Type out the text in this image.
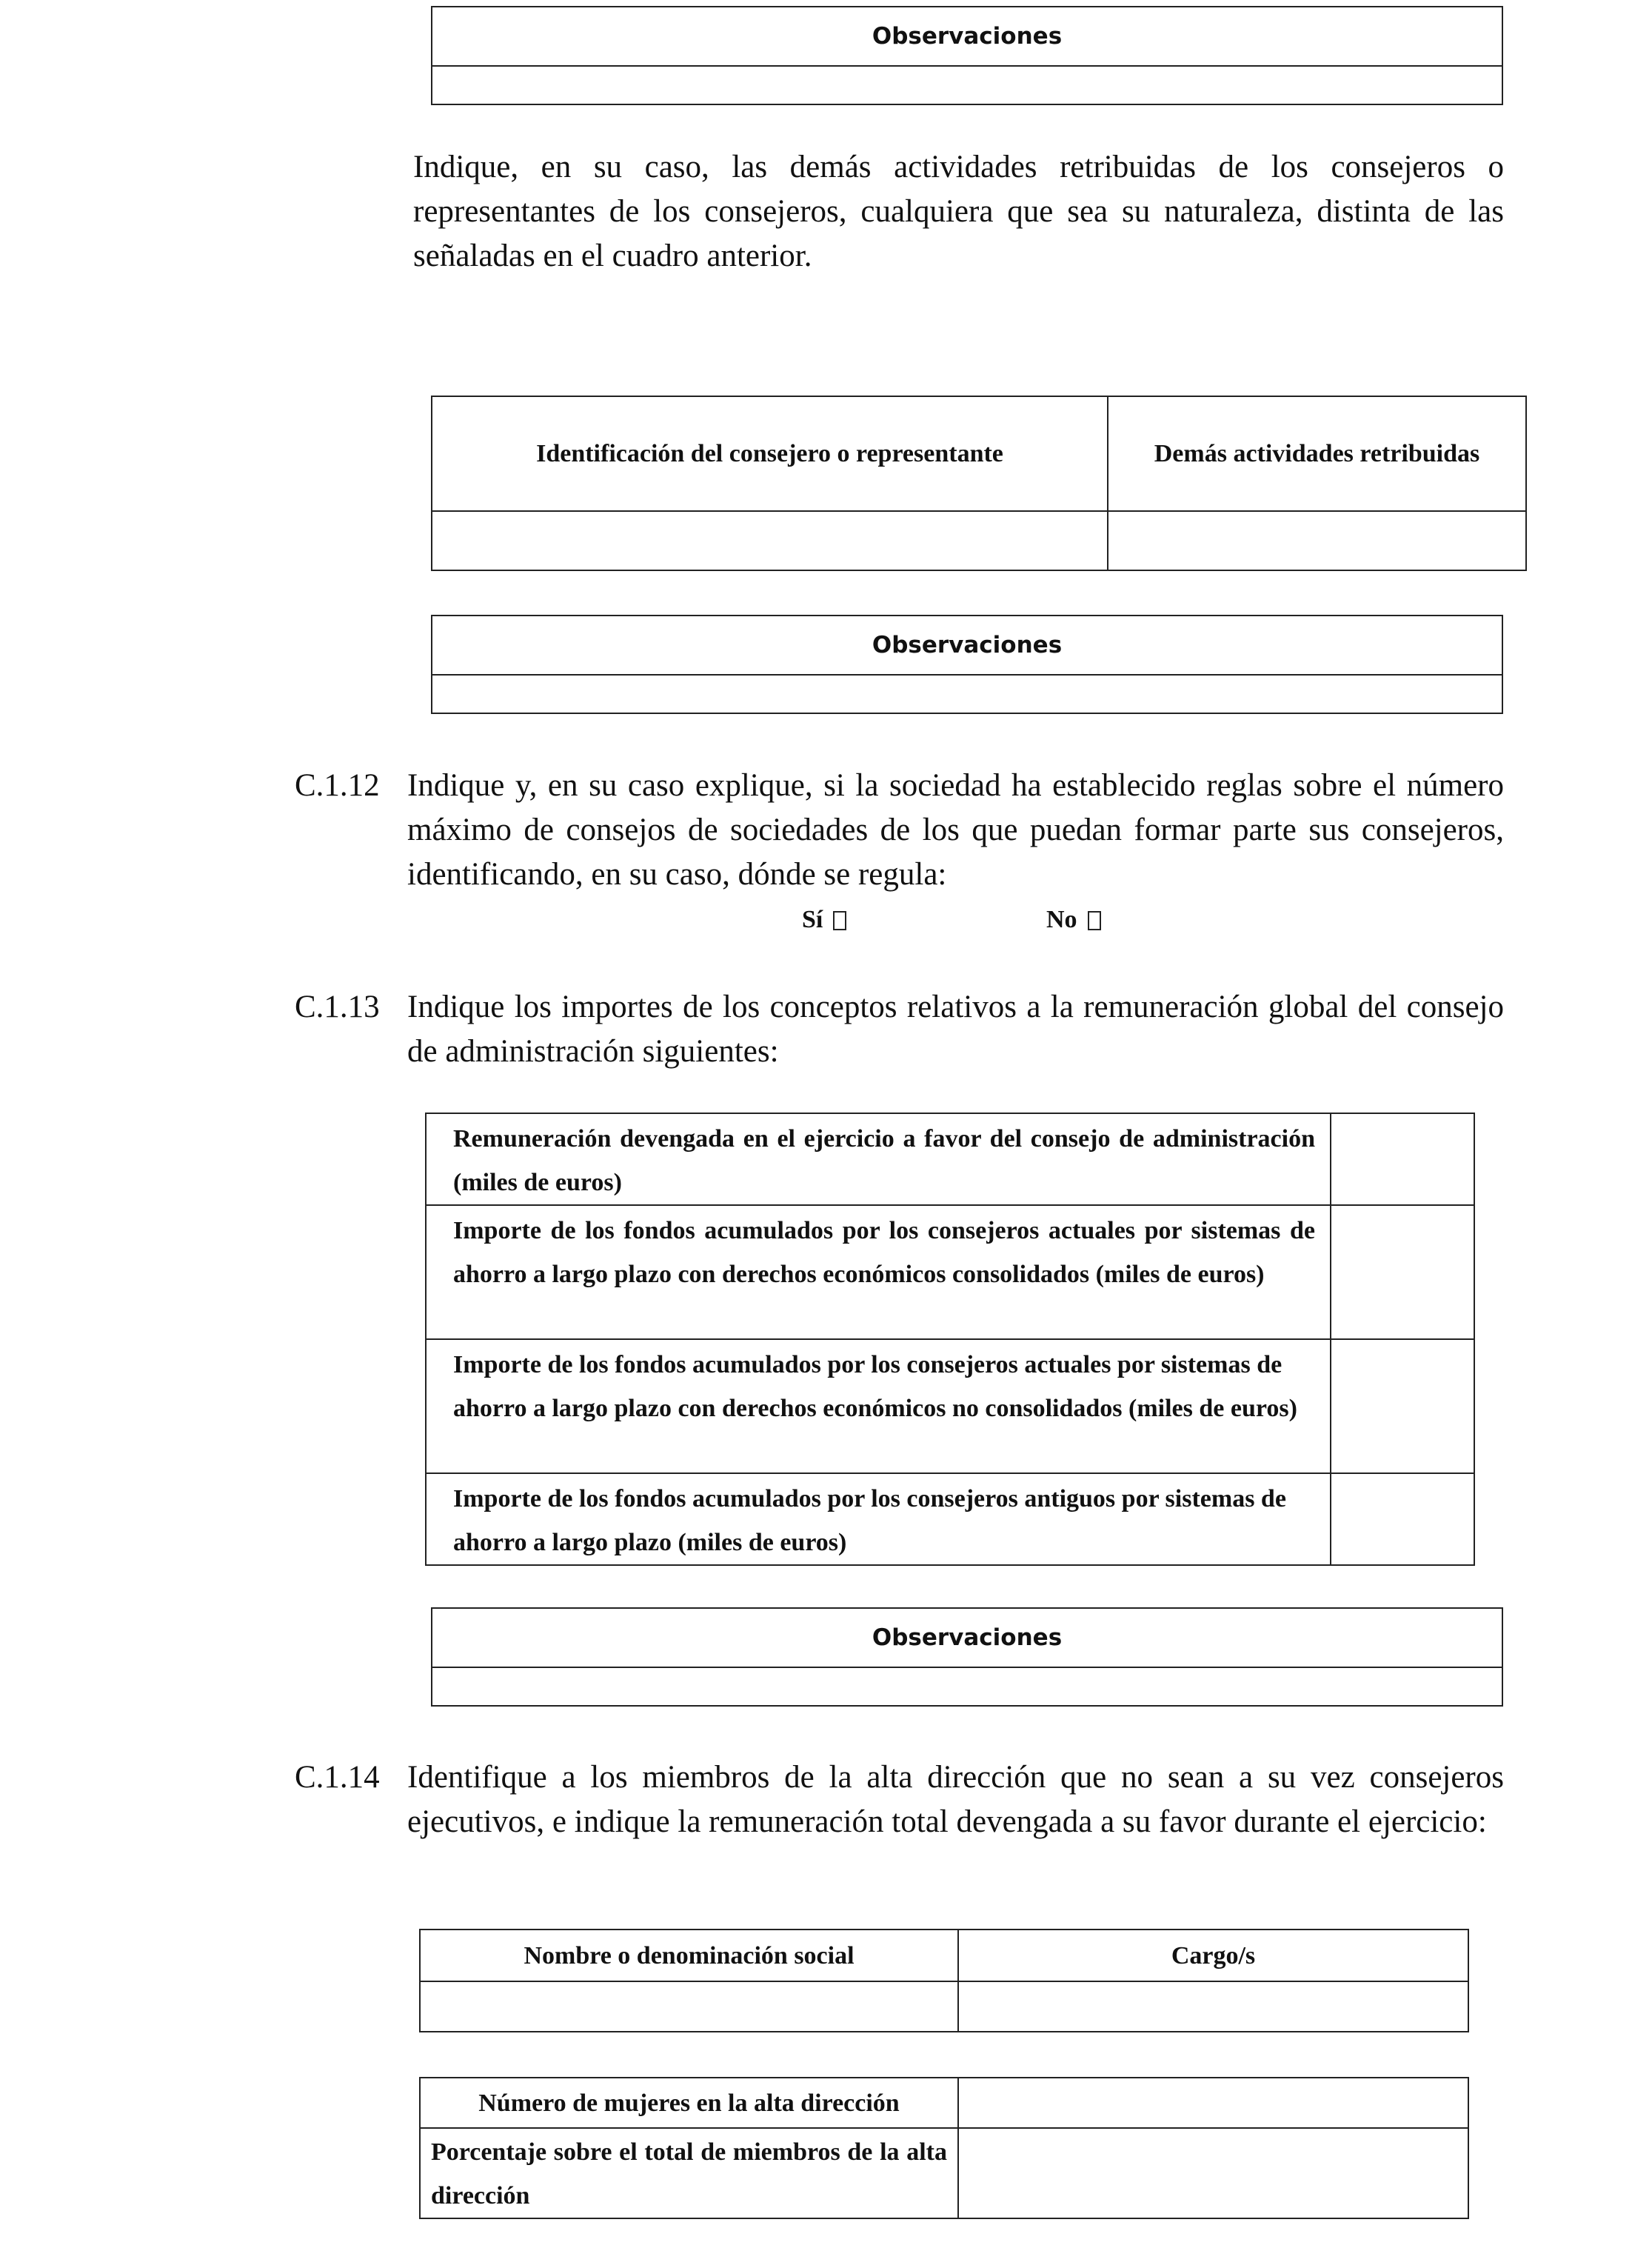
Observaciones

Indique, en su caso, las demás actividades retribuidas de los consejeros o representantes de los consejeros, cualquiera que sea su naturaleza, distinta de las señaladas en el cuadro anterior.
Identificación del consejero o representante	Demás actividades retribuidas

Observaciones

C.1.12 Indique y, en su caso explique, si la sociedad ha establecido reglas sobre el número máximo de consejos de sociedades de los que puedan formar parte sus consejeros, identificando, en su caso, dónde se regula:
Sí	No
C.1.13 Indique los importes de los conceptos relativos a la remuneración global del consejo de administración siguientes:
Remuneración devengada en el ejercicio a favor del consejo de administración (miles de euros)	
Importe de los fondos acumulados por los consejeros actuales por sistemas de ahorro a largo plazo con derechos económicos consolidados (miles de euros)	
Importe de los fondos acumulados por los consejeros actuales por sistemas de ahorro a largo plazo con derechos económicos no consolidados (miles de euros)	
Importe de los fondos acumulados por los consejeros antiguos por sistemas de ahorro a largo plazo (miles de euros)	
Observaciones

C.1.14 Identifique a los miembros de la alta dirección que no sean a su vez consejeros ejecutivos, e indique la remuneración total devengada a su favor durante el ejercicio:
Nombre o denominación social	Cargo/s

Número de mujeres en la alta dirección	
Porcentaje sobre el total de miembros de la alta dirección	
